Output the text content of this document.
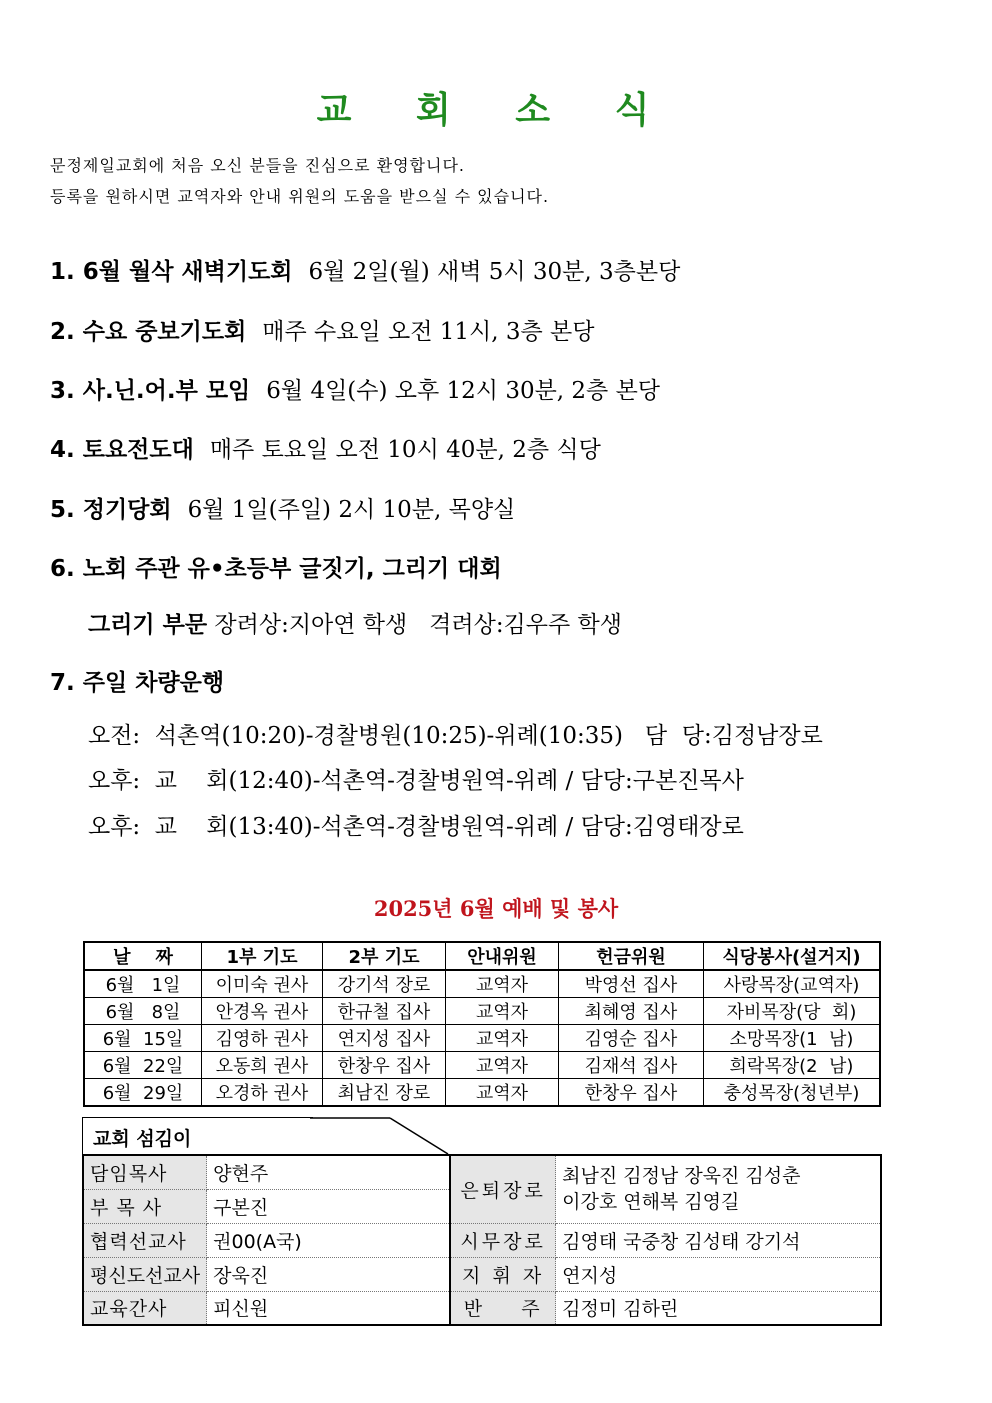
교 회 소 식
문정제일교회에 처음 오신 분들을 진심으로 환영합니다.
등록을 원하시면 교역자와 안내 위원의 도움을 받으실 수 있습니다.
1. 6월 월삭 새벽기도회 6월 2일(월) 새벽 5시 30분, 3층본당
2. 수요 중보기도회 매주 수요일 오전 11시, 3층 본당
3. 사.닌.어.부 모임 6월 4일(수) 오후 12시 30분, 2층 본당
4. 토요전도대 매주 토요일 오전 10시 40분, 2층 식당
5. 정기당회 6월 1일(주일) 2시 10분, 목양실
6. 노회 주관 유•초등부 글짓기, 그리기 대회
그리기 부문 장려상:지아연 학생   격려상:김우주 학생
7. 주일 차량운행
오전:  석촌역(10:20)-경찰병원(10:25)-위례(10:35)   담  당:김정남장로
오후:  교    회(12:40)-석촌역-경찰병원역-위례 / 담당:구본진목사
오후:  교    회(13:40)-석촌역-경찰병원역-위례 / 담당:김영태장로
2025년 6월 예배 및 봉사
날    짜	1부 기도	2부 기도	안내위원	헌금위원	식당봉사(설거지)
6월   1일	이미숙 권사	강기석 장로	교역자	박영선 집사	사랑목장(교역자)
6월   8일	안경옥 권사	한규철 집사	교역자	최혜영 집사	자비목장(당  회)
6월  15일	김영하 권사	연지성 집사	교역자	김영순 집사	소망목장(1  남)
6월  22일	오동희 권사	한창우 집사	교역자	김재석 집사	희락목장(2  남)
6월  29일	오경하 권사	최남진 장로	교역자	한창우 집사	충성목장(청년부)
교회 섬김이
담임목사	양현주	은퇴장로	최남진 김정남 장욱진 김성춘
이강호 연해복 김영길

부 목 사	구본진		
협력선교사	권00(A국)	시무장로	김영태 국중창 김성태 강기석
평신도선교사	장욱진	지 휘 자	연지성
교육간사	피신원	반    주	김정미 김하린
